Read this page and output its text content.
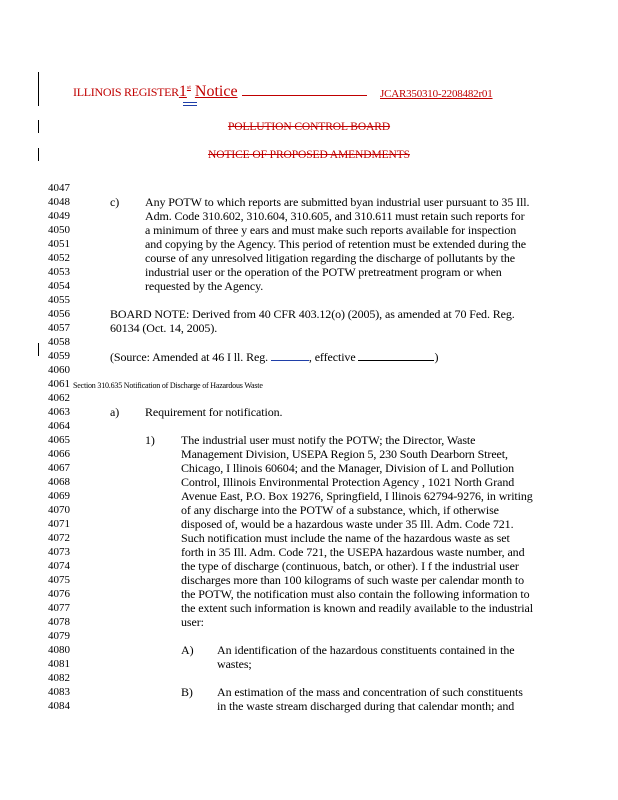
ILLINOIS REGISTER1st Notice	JCAR350310-2208482r01
POLLUTION CONTROL BOARD
NOTICE OF PROPOSED AMENDMENTS
4047
4048	c) Any POTW to which reports are submitted byan industrial user pursuant to 35 Ill.
4049	Adm. Code 310.602, 310.604, 310.605, and 310.611 must retain such reports for
4050	a minimum of three y ears and must make such reports available for inspection
4051	and copying by the Agency. This period of retention must be extended during the
4052	course of any unresolved litigation regarding the discharge of pollutants by the
4053	industrial user or the operation of the POTW pretreatment program or when
4054	requested by the Agency.
4055
4056	BOARD NOTE: Derived from 40 CFR 403.12(o) (2005), as amended at 70 Fed. Reg.
4057	60134 (Oct. 14, 2005).
4058
4059	(Source: Amended at 46 I ll. Reg.	, effective	)
4060
4061 Section 310.635 Notification of Discharge of Hazardous Waste
4062
4063	a) Requirement for notification.
4064
4065	1) The industrial user must notify the POTW; the Director, Waste
4066	Management Division, USEPA Region 5, 230 South Dearborn Street,
4067	Chicago, I llinois 60604; and the Manager, Division of L and Pollution
4068	Control, Illinois Environmental Protection Agency , 1021 North Grand
4069	Avenue East, P.O. Box 19276, Springfield, I llinois 62794-9276, in writing
4070	of any discharge into the POTW of a substance, which, if otherwise
4071	disposed of, would be a hazardous waste under 35 Ill. Adm. Code 721.
4072	Such notification must include the name of the hazardous waste as set
4073	forth in 35 Ill. Adm. Code 721, the USEPA hazardous waste number, and
4074	the type of discharge (continuous, batch, or other). I f the industrial user
4075	discharges more than 100 kilograms of such waste per calendar month to
4076	the POTW, the notification must also contain the following information to
4077	the extent such information is known and readily available to the industrial
4078	user:
4079
4080	A) An identification of the hazardous constituents contained in the
4081	wastes;
4082
4083	B) An estimation of the mass and concentration of such constituents
4084	in the waste stream discharged during that calendar month; and
